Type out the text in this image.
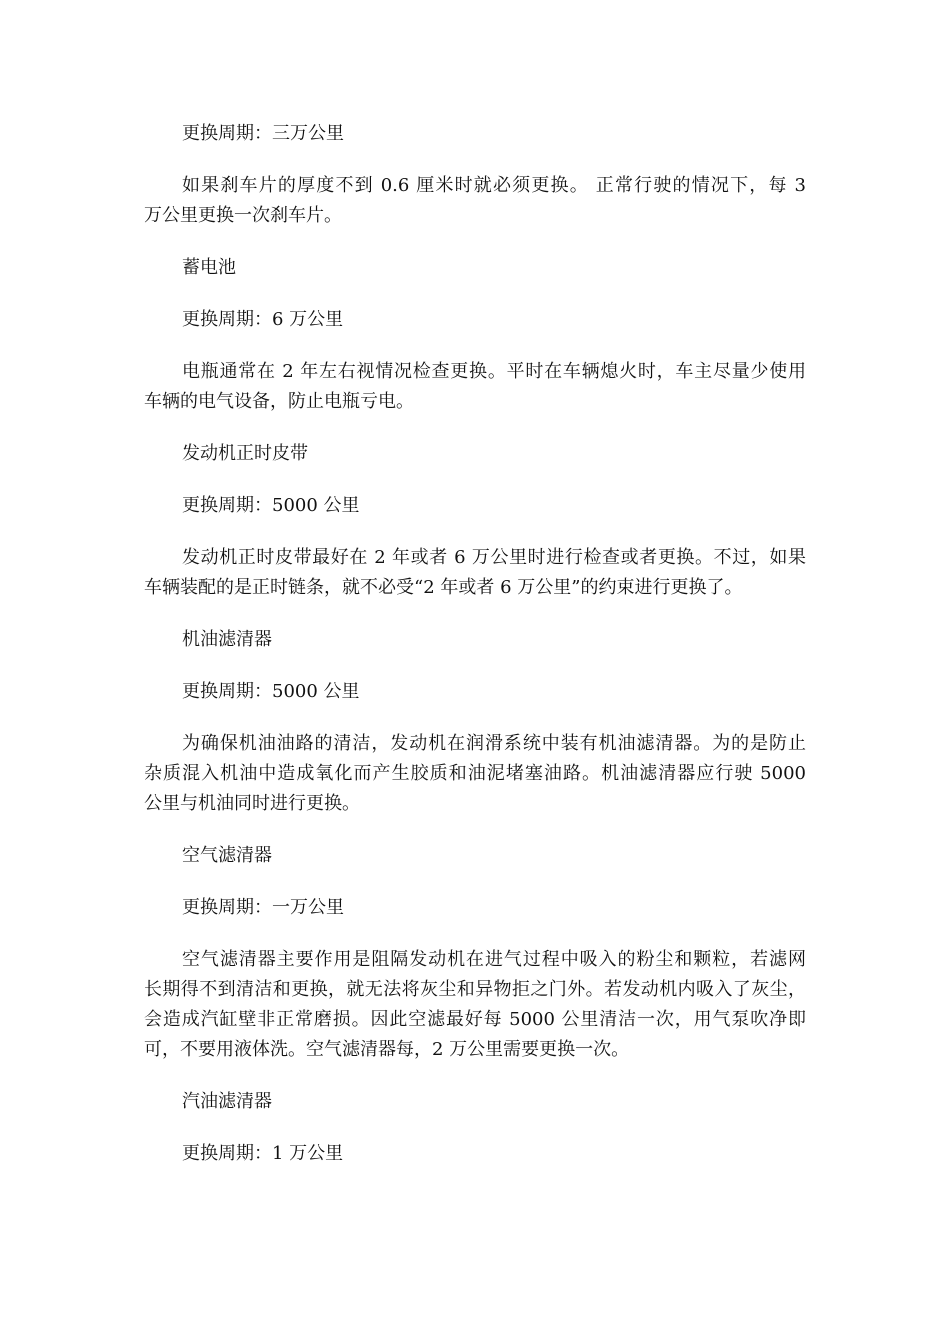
更换周期：三万公里
如果刹车片的厚度不到 0.6 厘米时就必须更换。 正常行驶的情况下，每 3
万公里更换一次刹车片。
蓄电池
更换周期：6 万公里
电瓶通常在 2 年左右视情况检查更换。平时在车辆熄火时，车主尽量少使用
车辆的电气设备，防止电瓶亏电。
发动机正时皮带
更换周期：5000 公里
发动机正时皮带最好在 2 年或者 6 万公里时进行检查或者更换。不过，如果
车辆装配的是正时链条，就不必受“2 年或者 6 万公里”的约束进行更换了。
机油滤清器
更换周期：5000 公里
为确保机油油路的清洁，发动机在润滑系统中装有机油滤清器。为的是防止
杂质混入机油中造成氧化而产生胶质和油泥堵塞油路。机油滤清器应行驶 5000
公里与机油同时进行更换。
空气滤清器
更换周期：一万公里
空气滤清器主要作用是阻隔发动机在进气过程中吸入的粉尘和颗粒，若滤网
长期得不到清洁和更换，就无法将灰尘和异物拒之门外。若发动机内吸入了灰尘，
会造成汽缸壁非正常磨损。因此空滤最好每 5000 公里清洁一次，用气泵吹净即
可，不要用液体洗。空气滤清器每，2 万公里需要更换一次。
汽油滤清器
更换周期：1 万公里
